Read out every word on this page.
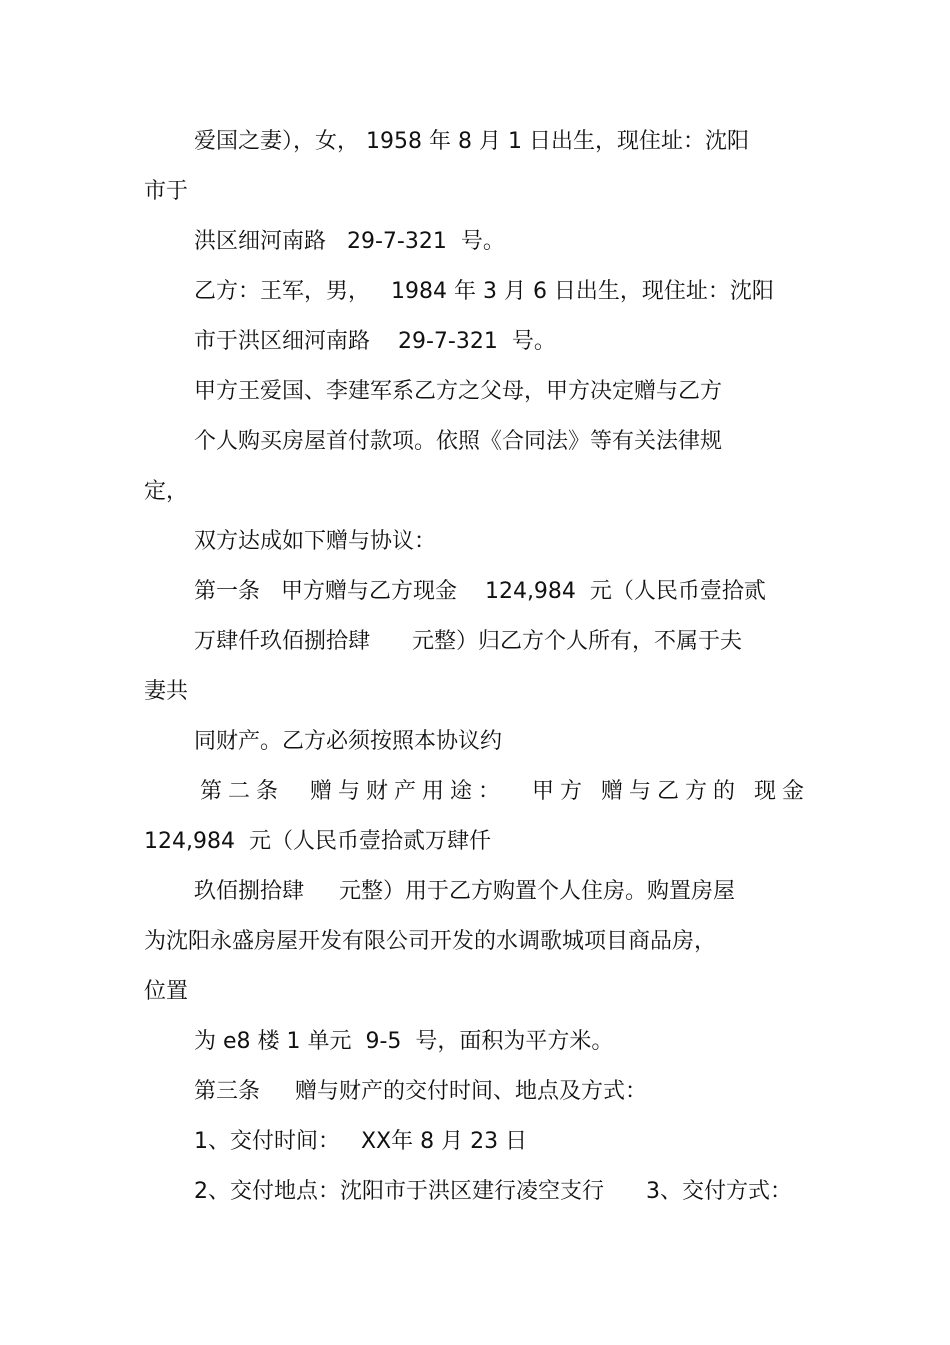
爱国之妻），女， 1958 年 8 月 1 日出生，现住址：沈阳
市于
洪区细河南路   29-7-321  号。
乙方：王军，男，   1984 年 3 月 6 日出生，现住址：沈阳
市于洪区细河南路    29-7-321  号。
甲方王爱国、李建军系乙方之父母，甲方决定赠与乙方
个人购买房屋首付款项。依照《合同法》等有关法律规
定，
双方达成如下赠与协议：
第一条   甲方赠与乙方现金    124,984  元（人民币壹拾贰
万肆仟玖佰捌拾肆      元整）归乙方个人所有，不属于夫
妻共
同财产。乙方必须按照本协议约
第二条  赠与财产用途：  甲方 赠与乙方的 现金
124,984  元（人民币壹拾贰万肆仟
玖佰捌拾肆     元整）用于乙方购置个人住房。购置房屋
为沈阳永盛房屋开发有限公司开发的水调歌城项目商品房，
位置
为 e8 楼 1 单元  9-5  号，面积为平方米。
第三条     赠与财产的交付时间、地点及方式：
1、交付时间：   XX年 8 月 23 日
2、交付地点：沈阳市于洪区建行凌空支行      3、交付方式：
